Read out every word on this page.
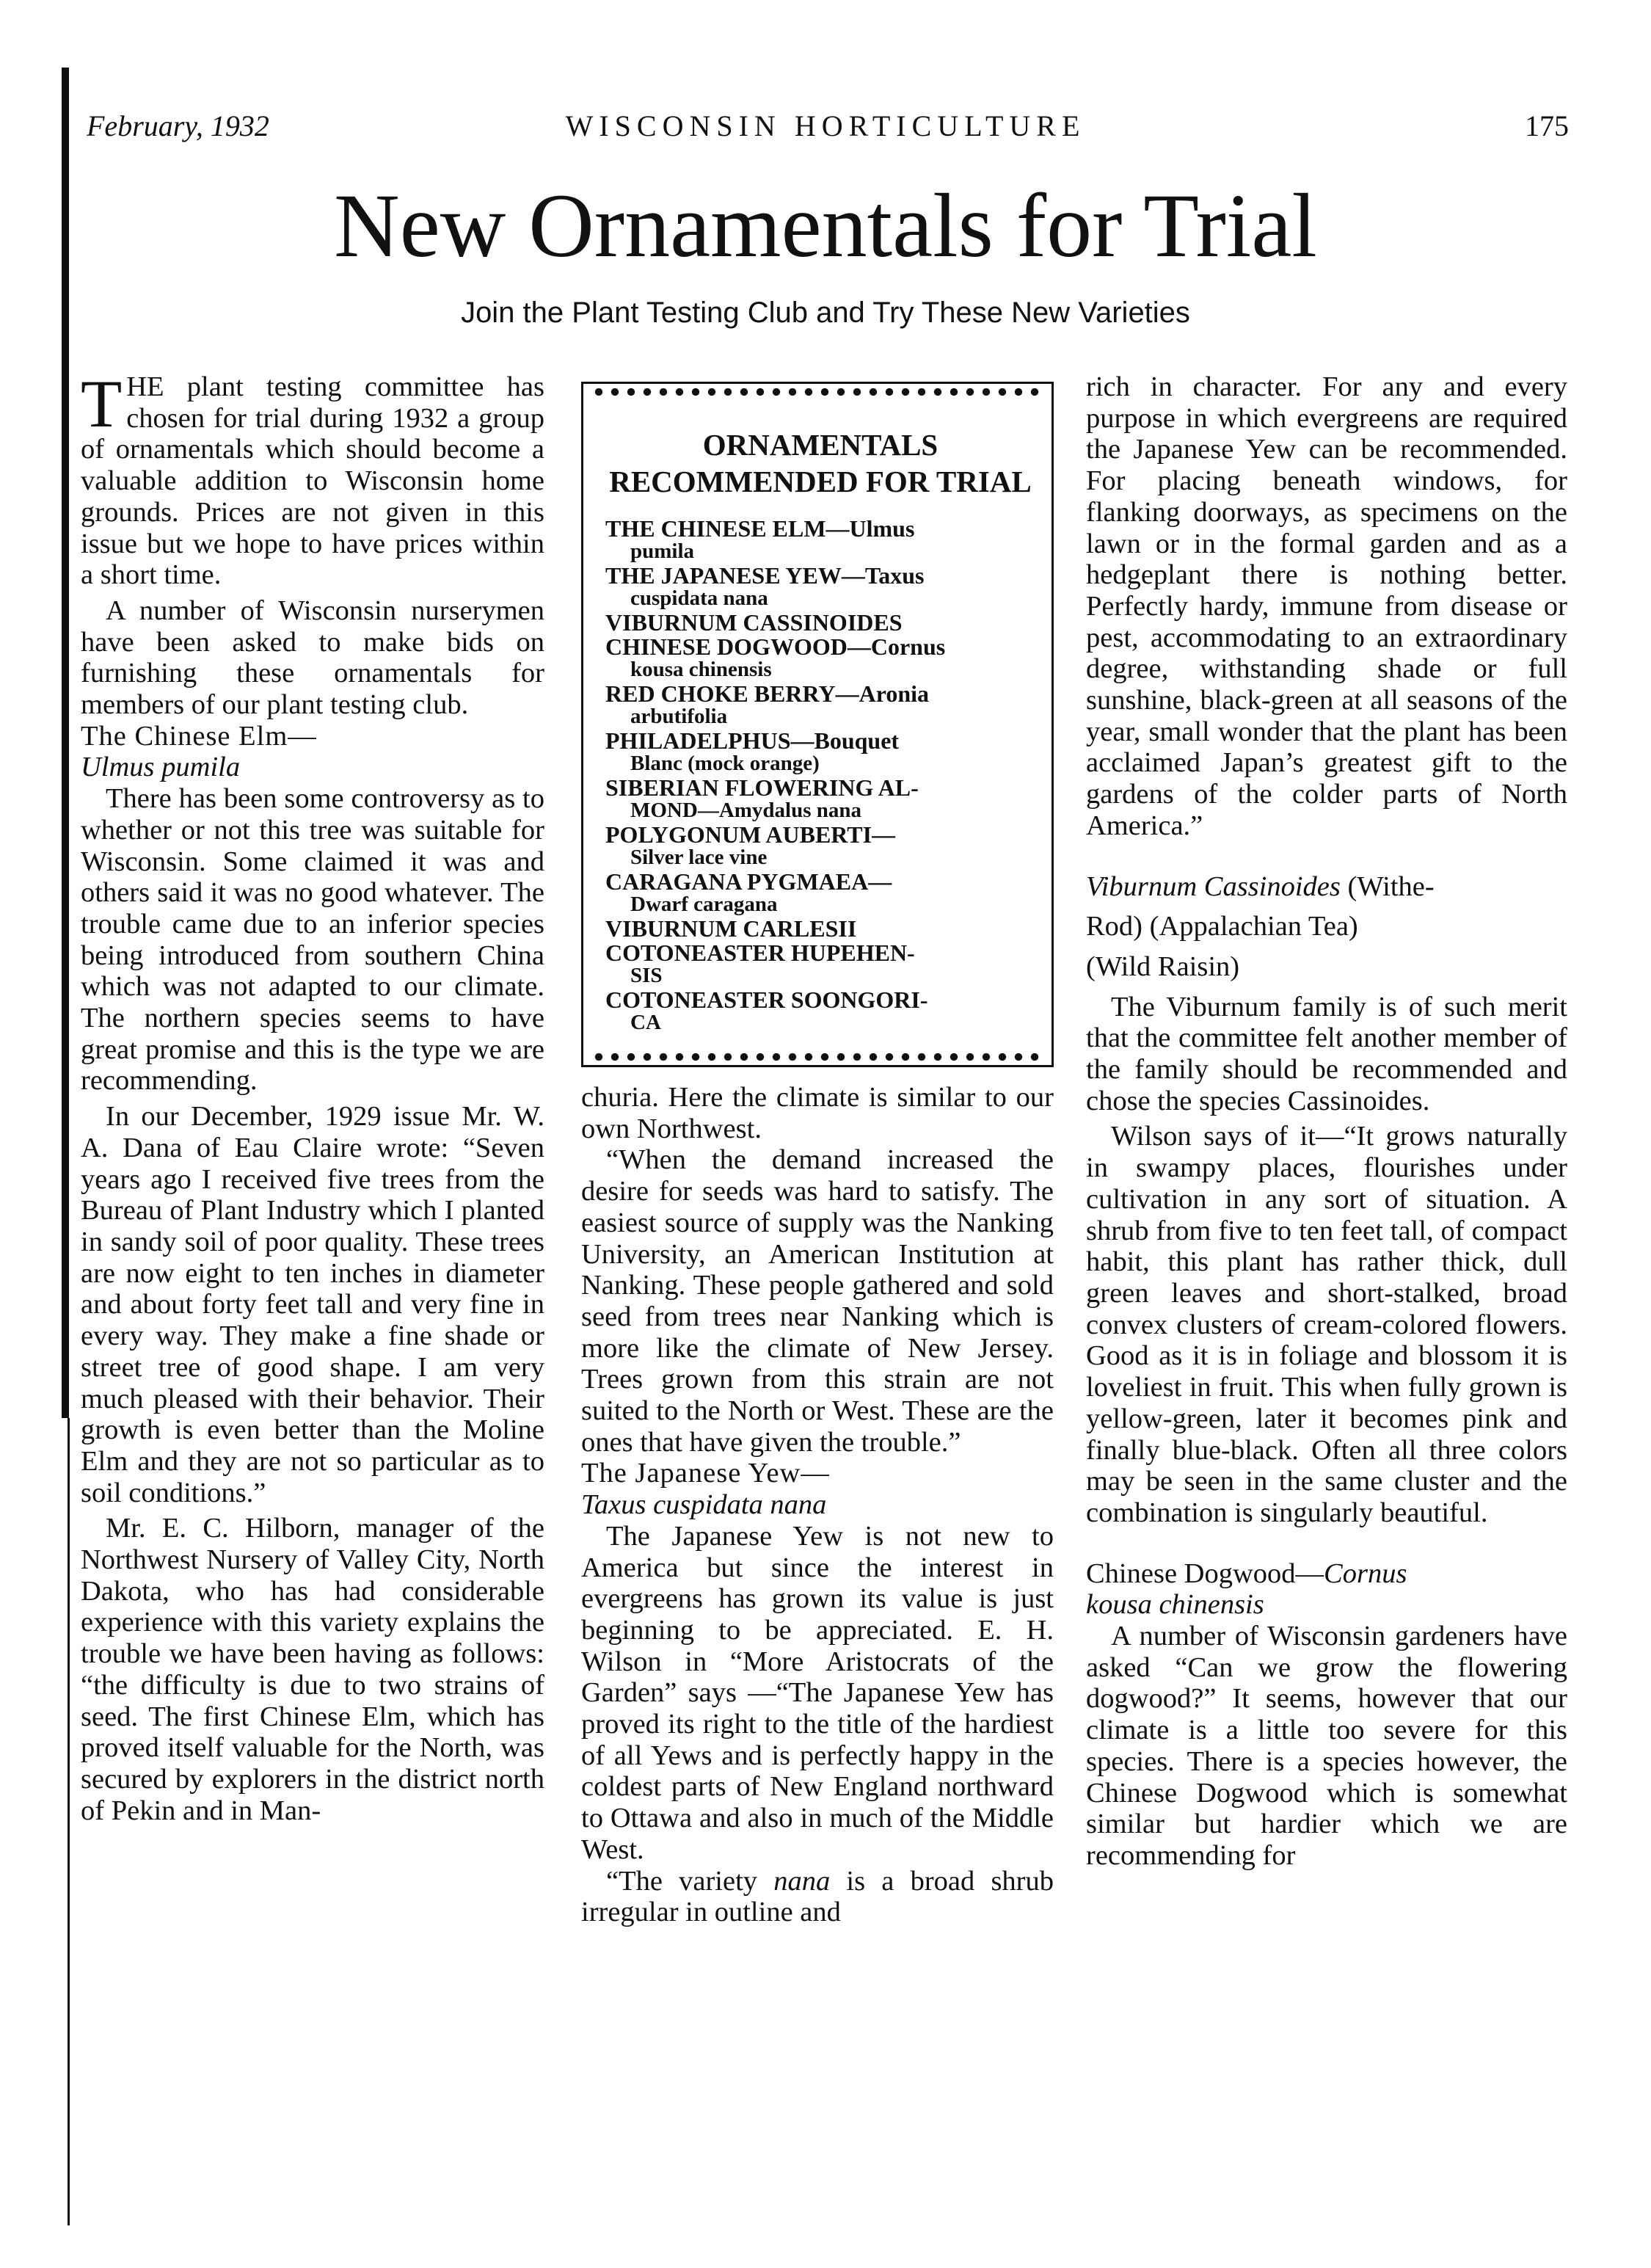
February, 1932	WISCONSIN HORTICULTURE	175
New Ornamentals for Trial
Join the Plant Testing Club and Try These New Varieties

THE plant testing committee has chosen for trial during 1932 a group of ornamentals which should become a valuable addition to Wisconsin home grounds. Prices are not given in this issue but we hope to have prices within a short time.

A number of Wisconsin nurserymen have been asked to make bids on furnishing these ornamentals for members of our plant testing club.

The Chinese Elm—

Ulmus pumila

There has been some controversy as to whether or not this tree was suitable for Wisconsin. Some claimed it was and others said it was no good whatever. The trouble came due to an inferior species being introduced from southern China which was not adapted to our climate. The northern species seems to have great promise and this is the type we are recommending.

In our December, 1929 issue Mr. W. A. Dana of Eau Claire wrote: “Seven years ago I received five trees from the Bureau of Plant Industry which I planted in sandy soil of poor quality. These trees are now eight to ten inches in diameter and about forty feet tall and very fine in every way. They make a fine shade or street tree of good shape. I am very much pleased with their behavior. Their growth is even better than the Moline Elm and they are not so particular as to soil conditions.”

Mr. E. C. Hilborn, manager of the Northwest Nursery of Valley City, North Dakota, who has had considerable experience with this variety explains the trouble we have been having as follows: “the difficulty is due to two strains of seed. The first Chinese Elm, which has proved itself valuable for the North, was secured by explorers in the district north of Pekin and in Man-

ORNAMENTALS RECOMMENDED FOR TRIAL
THE CHINESE ELM—Ulmus
pumila
THE JAPANESE YEW—Taxus
cuspidata nana
VIBURNUM CASSINOIDES
CHINESE DOGWOOD—Cornus
kousa chinensis
RED CHOKE BERRY—Aronia
arbutifolia
PHILADELPHUS—Bouquet
Blanc (mock orange)
SIBERIAN FLOWERING AL-
MOND—Amydalus nana
POLYGONUM AUBERTI—
Silver lace vine
CARAGANA PYGMAEA—
Dwarf caragana
VIBURNUM CARLESII
COTONEASTER HUPEHEN-
SIS
COTONEASTER SOONGORI-
CA

churia. Here the climate is similar to our own Northwest.

“When the demand increased the desire for seeds was hard to satisfy. The easiest source of supply was the Nanking University, an American Institution at Nanking. These people gathered and sold seed from trees near Nanking which is more like the climate of New Jersey. Trees grown from this strain are not suited to the North or West. These are the ones that have given the trouble.”

The Japanese Yew—

Taxus cuspidata nana

The Japanese Yew is not new to America but since the interest in evergreens has grown its value is just beginning to be appreciated. E. H. Wilson in “More Aristocrats of the Garden” says —“The Japanese Yew has proved its right to the title of the hardiest of all Yews and is perfectly happy in the coldest parts of New England northward to Ottawa and also in much of the Middle West.

“The variety nana is a broad shrub irregular in outline and

rich in character. For any and every purpose in which evergreens are required the Japanese Yew can be recommended. For placing beneath windows, for flanking doorways, as specimens on the lawn or in the formal garden and as a hedgeplant there is nothing better. Perfectly hardy, immune from disease or pest, accommodating to an extraordinary degree, withstanding shade or full sunshine, black-green at all seasons of the year, small wonder that the plant has been acclaimed Japan’s greatest gift to the gardens of the colder parts of North America.”

Viburnum Cassinoides (Withe-

Rod) (Appalachian Tea)

(Wild Raisin)

The Viburnum family is of such merit that the committee felt another member of the family should be recommended and chose the species Cassinoides.

Wilson says of it—“It grows naturally in swampy places, flourishes under cultivation in any sort of situation. A shrub from five to ten feet tall, of compact habit, this plant has rather thick, dull green leaves and short-stalked, broad convex clusters of cream-colored flowers. Good as it is in foliage and blossom it is loveliest in fruit. This when fully grown is yellow-green, later it becomes pink and finally blue-black. Often all three colors may be seen in the same cluster and the combination is singularly beautiful.

Chinese Dogwood—Cornus

kousa chinensis

A number of Wisconsin gardeners have asked “Can we grow the flowering dogwood?” It seems, however that our climate is a little too severe for this species. There is a species however, the Chinese Dogwood which is somewhat similar but hardier which we are recommending for
